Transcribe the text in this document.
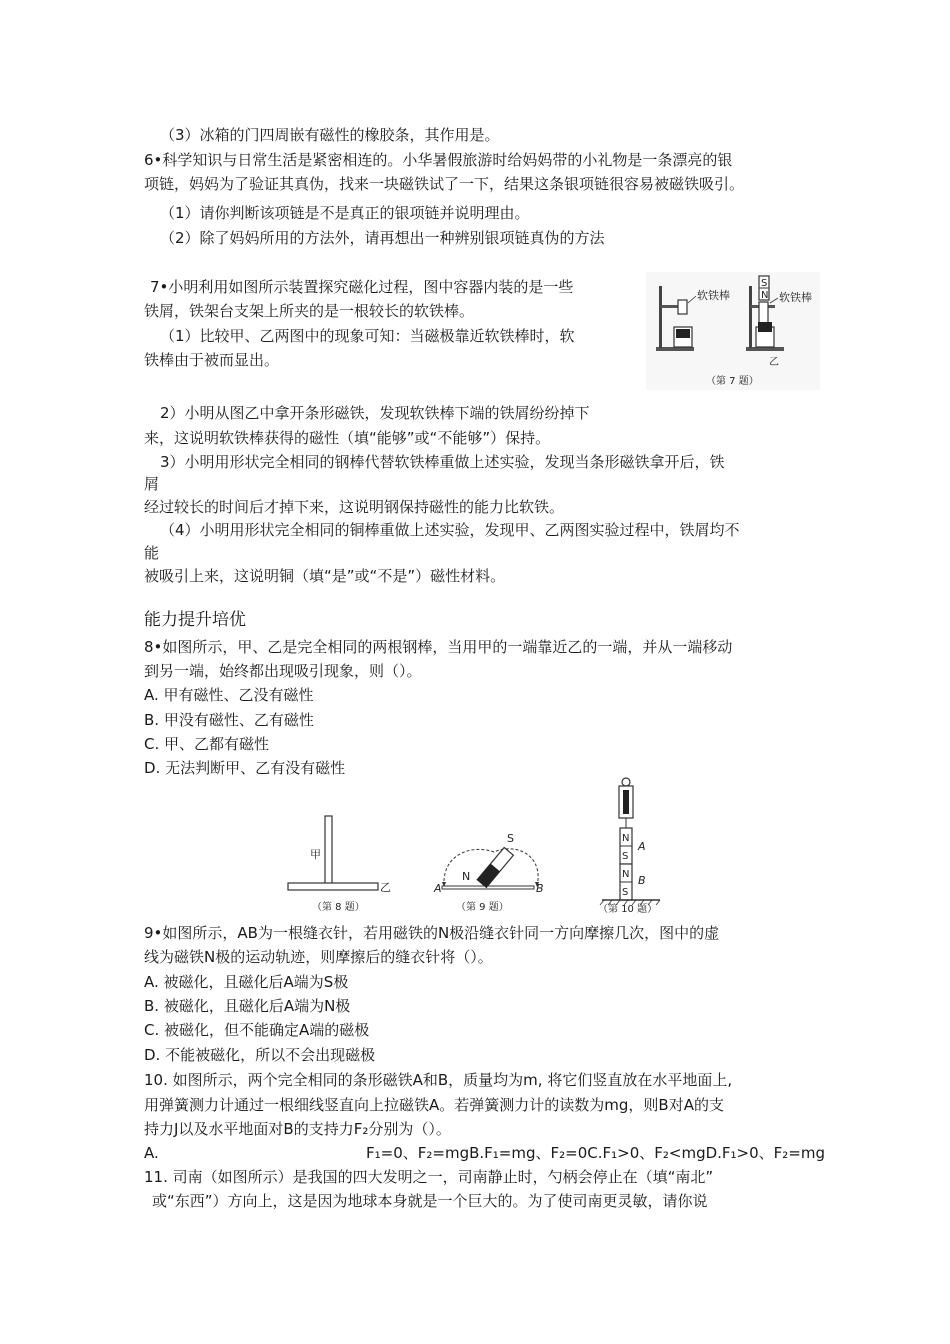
（3）冰箱的门四周嵌有磁性的橡胶条，其作用是。
6•科学知识与日常生活是紧密相连的。小华暑假旅游时给妈妈带的小礼物是一条漂亮的银
项链，妈妈为了验证其真伪，找来一块磁铁试了一下，结果这条银项链很容易被磁铁吸引。
（1）请你判断该项链是不是真正的银项链并说明理由。
（2）除了妈妈所用的方法外，请再想出一种辨别银项链真伪的方法
7•小明利用如图所示装置探究磁化过程，图中容器内装的是一些
铁屑，铁架台支架上所夹的是一根较长的软铁棒。
（1）比较甲、乙两图中的现象可知：当磁极靠近软铁棒时，软
铁棒由于被而显出。
软铁棒
S
N 软铁棒
乙
（第 7 题）
2）小明从图乙中拿开条形磁铁，发现软铁棒下端的铁屑纷纷掉下
来，这说明软铁棒获得的磁性（填“能够”或“不能够”）保持。
3）小明用形状完全相同的钢棒代替软铁棒重做上述实验，发现当条形磁铁拿开后，铁
屑
经过较长的时间后才掉下来，这说明钢保持磁性的能力比软铁。
（4）小明用形状完全相同的铜棒重做上述实验，发现甲、乙两图实验过程中，铁屑均不
能
被吸引上来，这说明铜（填“是”或“不是”）磁性材料。
能力提升培优
8•如图所示，甲、乙是完全相同的两根钢棒，当用甲的一端靠近乙的一端，并从一端移动
到另一端，始终都出现吸引现象，则（）。
A. 甲有磁性、乙没有磁性
B. 甲没有磁性、乙有磁性
C. 甲、乙都有磁性
D. 无法判断甲、乙有没有磁性
甲
乙
（第 8 题）
S
N
A	B
（第 9 题）
N
S
N
S
A
B
（第 10 题）
9•如图所示，AB为一根缝衣针，若用磁铁的N极沿缝衣针同一方向摩擦几次，图中的虚
线为磁铁N极的运动轨迹，则摩擦后的缝衣针将（）。
A. 被磁化，且磁化后A端为S极
B. 被磁化，且磁化后A端为N极
C. 被磁化，但不能确定A端的磁极
D. 不能被磁化，所以不会出现磁极
10. 如图所示，两个完全相同的条形磁铁A和B，质量均为m, 将它们竖直放在水平地面上,
用弹簧测力计通过一根细线竖直向上拉磁铁A。若弹簧测力计的读数为mg，则B对A的支
持力J以及水平地面对B的支持力F₂分别为（）。
A.	F₁=0、F₂=mgB.F₁=mg、F₂=0C.F₁>0、F₂<mgD.F₁>0、F₂=mg
11. 司南（如图所示）是我国的四大发明之一，司南静止时，勺柄会停止在（填“南北”
或“东西”）方向上，这是因为地球本身就是一个巨大的。为了使司南更灵敏，请你说
